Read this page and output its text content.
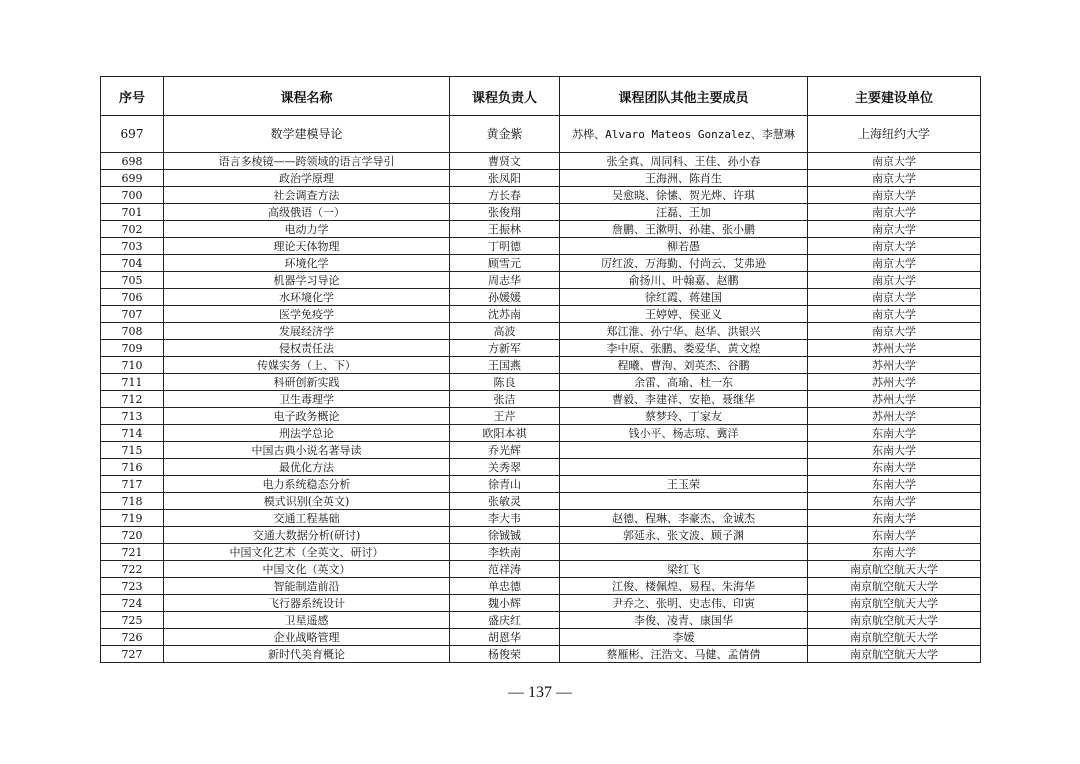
序号	课程名称	课程负责人	课程团队其他主要成员	主要建设单位
697	数学建模导论	黄金紫	苏桦、Alvaro Mateos Gonzalez、李慧琳	上海纽约大学
698	语言多棱镜——跨领域的语言学导引	曹贤文	张全真、周同科、王佳、孙小春	南京大学
699	政治学原理	张凤阳	王海洲、陈肖生	南京大学
700	社会调查方法	方长春	吴愈晓、徐愫、贺光烨、许琪	南京大学
701	高级俄语（一）	张俊翔	汪磊、王加	南京大学
702	电动力学	王振林	詹鹏、王漱明、孙建、张小鹏	南京大学
703	理论天体物理	丁明德	柳若愚	南京大学
704	环境化学	顾雪元	厉红波、万海勤、付尚云、艾弗逊	南京大学
705	机器学习导论	周志华	俞扬川、叶翰嘉、赵鹏	南京大学
706	水环境化学	孙媛媛	徐红霞、蒋建国	南京大学
707	医学免疫学	沈苏南	王婷婷、侯亚义	南京大学
708	发展经济学	高波	郑江淮、孙宁华、赵华、洪银兴	南京大学
709	侵权责任法	方新军	李中原、张鹏、娄爱华、黄文煌	苏州大学
710	传媒实务（上、下）	王国燕	程曦、曹洵、刘英杰、谷鹏	苏州大学
711	科研创新实践	陈良	余雷、高瑜、杜一东	苏州大学
712	卫生毒理学	张洁	曹毅、李建祥、安艳、聂继华	苏州大学
713	电子政务概论	王芹	蔡梦玲、丁家友	苏州大学
714	刑法学总论	欧阳本祺	钱小平、杨志琼、冀洋	东南大学
715	中国古典小说名著导读	乔光辉		东南大学
716	最优化方法	关秀翠		东南大学
717	电力系统稳态分析	徐青山	王玉荣	东南大学
718	模式识别(全英文)	张敏灵		东南大学
719	交通工程基础	李大韦	赵德、程琳、李豪杰、金诚杰	东南大学
720	交通大数据分析(研讨)	徐铖铖	郭延永、张文波、顾子渊	东南大学
721	中国文化艺术（全英文、研讨）	李轶南		东南大学
722	中国文化（英文）	范祥涛	梁红飞	南京航空航天大学
723	智能制造前沿	单忠德	江俊、楼佩煌、易程、朱海华	南京航空航天大学
724	飞行器系统设计	魏小辉	尹乔之、张明、史志伟、印寅	南京航空航天大学
725	卫星遥感	盛庆红	李俊、凌青、康国华	南京航空航天大学
726	企业战略管理	胡恩华	李媛	南京航空航天大学
727	新时代美育概论	杨俊荣	蔡雁彬、汪浩文、马健、孟倩倩	南京航空航天大学
— 137 —
